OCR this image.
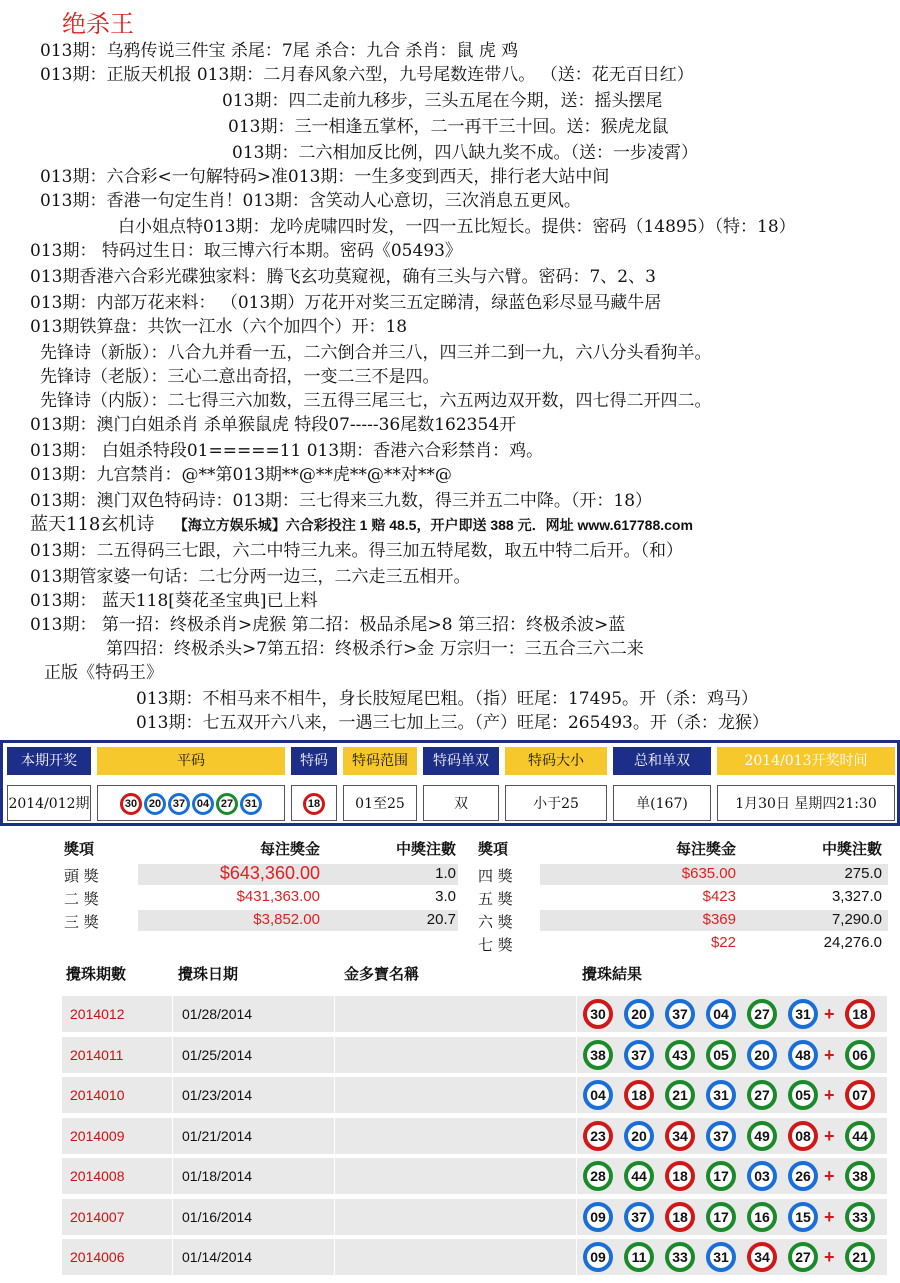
绝杀王
013期：乌鸦传说三件宝 杀尾：7尾 杀合：九合 杀肖：鼠 虎 鸡
013期：正版天机报 013期：二月春风象六型，九号尾数连带八。 （送：花无百日红）
013期：四二走前九移步，三头五尾在今期，送：摇头摆尾
013期：三一相逢五掌杯，二一再干三十回。送：猴虎龙鼠
013期：二六相加反比例，四八缺九奖不成。（送：一步凌霄）
013期：六合彩<一句解特码>准013期：一生多变到西天，排行老大站中间
013期：香港一句定生肖！013期：含笑动人心意切，三次消息五更风。
白小姐点特013期：龙吟虎啸四时发，一四一五比短长。提供：密码（14895）（特：18）
013期： 特码过生日：取三博六行本期。密码《05493》
013期香港六合彩光碟独家料：腾飞玄功莫窥视，确有三头与六臂。密码：7、2、3
013期：内部万花来料： （013期）万花开对奖三五定睇清，绿蓝色彩尽显马藏牛居
013期铁算盘：共饮一江水（六个加四个）开：18
先锋诗（新版）：八合九并看一五，二六倒合并三八，四三并二到一九，六八分头看狗羊。
先锋诗（老版）：三心二意出奇招，一变二三不是四。
先锋诗（内版）：二七得三六加数，三五得三尾三七，六五两边双开数，四七得二开四二。
013期：澳门白姐杀肖 杀单猴鼠虎 特段07-----36尾数162354开
013期： 白姐杀特段01=====11 013期：香港六合彩禁肖：鸡。
013期：九宫禁肖：@**第013期**@**虎**@**对**@
013期：澳门双色特码诗：013期：三七得来三九数，得三并五二中降。（开：18）
013期：二五得码三七跟，六二中特三九来。得三加五特尾数，取五中特二后开。（和）
013期管家婆一句话：二七分两一边三，二六走三五相开。
013期： 蓝天118[葵花圣宝典]已上料
013期： 第一招：终极杀肖>虎猴 第二招：极品杀尾>8 第三招：终极杀波>蓝
第四招：终极杀头>7第五招：终极杀行>金 万宗归一：三五合三六二来
正版《特码王》
013期：不相马来不相牛，身长肢短尾巴粗。（指）旺尾：17495。开（杀：鸡马）
013期：七五双开六八来，一遇三七加上三。（产）旺尾：265493。开（杀：龙猴）
蓝天118玄机诗 【海立方娱乐城】六合彩投注 1 赔 48.5，开户即送 388 元．网址 www.617788.com
本期开奖	平码	特码	特码范围	特码单双	特码大小	总和单双	2014/013开奖时间
2014/012期	30 20 37 04 27 31	18	01至25	双	小于25	单(167)	1月30日 星期四21:30
獎項	每注獎金	中獎注數
頭 獎	$643,360.00	1.0
二 獎	$431,363.00	3.0
三 獎	$3,852.00	20.7
獎項	每注獎金	中獎注數
四 獎	$635.00	275.0
五 獎	$423	3,327.0
六 獎	$369	7,290.0
七 獎	$22	24,276.0
攪珠期數	攪珠日期	金多寶名稱	攪珠結果
2014012	01/28/2014	30	20	37	04	27	31 +	18
2014011	01/25/2014	38	37	43	05	20	48 +	06
2014010	01/23/2014	04	18	21	31	27	05 +	07
2014009	01/21/2014	23	20	34	37	49	08 +	44
2014008	01/18/2014	28	44	18	17	03	26 +	38
2014007	01/16/2014	09	37	18	17	16	15 +	33
2014006	01/14/2014	09	11	33	31	34	27 +	21
